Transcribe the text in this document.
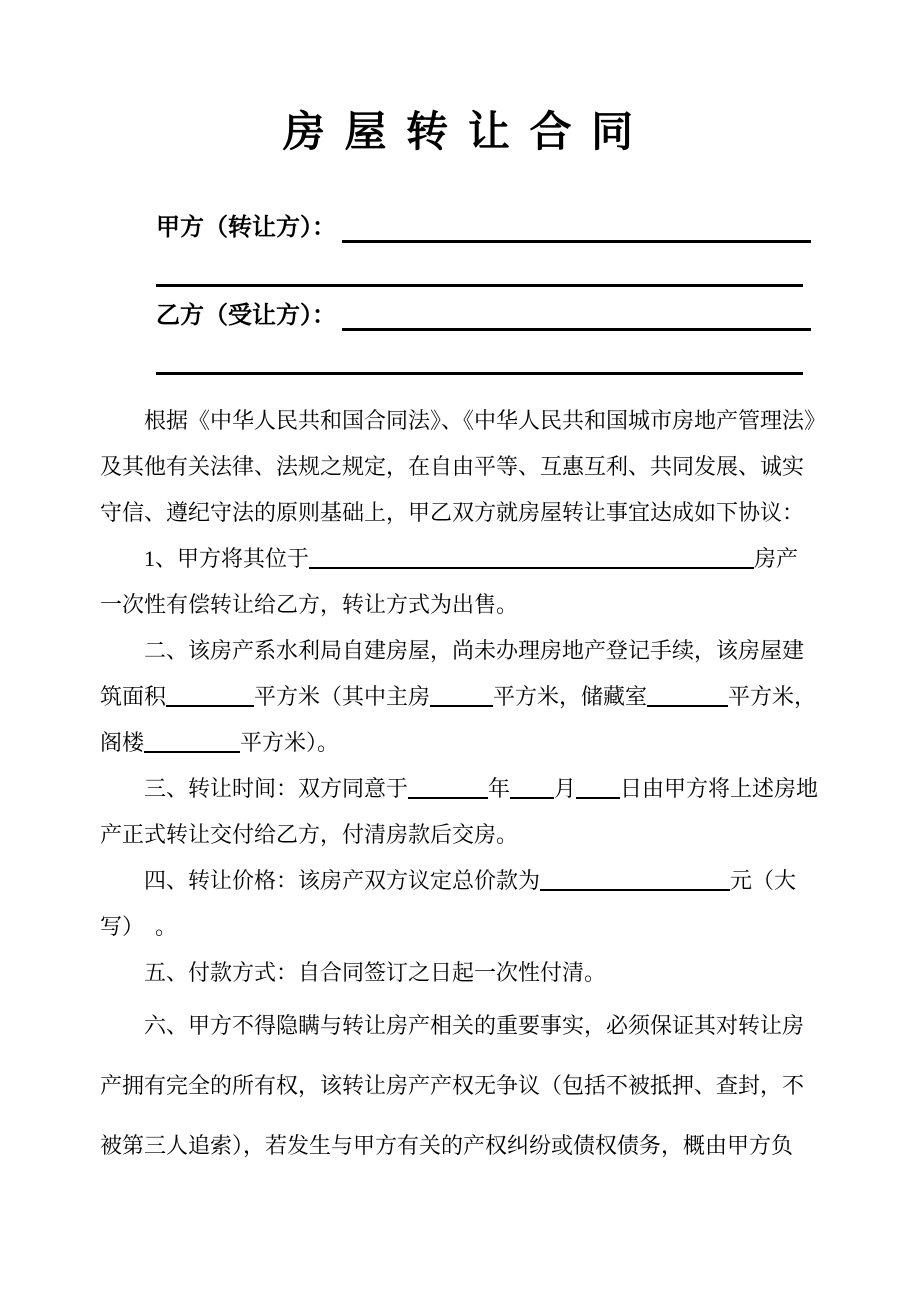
房 屋 转 让 合 同
甲方（转让方）：
乙方（受让方）：

根据《中华人民共和国合同法》、《中华人民共和国城市房地产管理法》及其他有关法律、法规之规定，在自由平等、互惠互利、共同发展、诚实守信、遵纪守法的原则基础上，甲乙双方就房屋转让事宜达成如下协议：

1、甲方将其位于	房产一次性有偿转让给乙方，转让方式为出售。

二、该房产系水利局自建房屋，尚未办理房地产登记手续，该房屋建筑面积	平方米（其中主房	平方米，储藏室	平方米，阁楼	平方米）。

三、转让时间：双方同意于	年 月 日由甲方将上述房地产正式转让交付给乙方，付清房款后交房。

四、转让价格：该房产双方议定总价款为	元（大写）　。

五、付款方式：自合同签订之日起一次性付清。

六、甲方不得隐瞒与转让房产相关的重要事实，必须保证其对转让房产拥有完全的所有权，该转让房产产权无争议（包括不被抵押、查封，不被第三人追索），若发生与甲方有关的产权纠纷或债权债务，概由甲方负
